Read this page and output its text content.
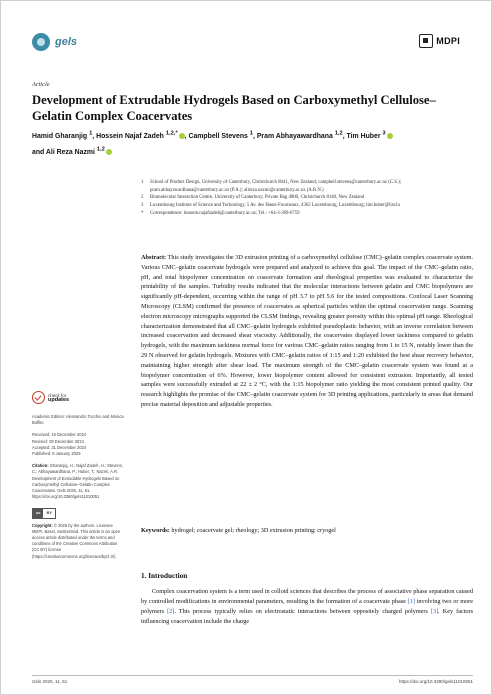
gels	MDPI
Article
Development of Extrudable Hydrogels Based on Carboxymethyl Cellulose–Gelatin Complex Coacervates
Hamid Gharanjig $^1$, Hossein Najaf Zadeh $^{1,2,*}$ , Campbell Stevens $^1$, Pram Abhayawardhana $^{1,2}$, Tim Huber $^3$
and Ali Reza Nazmi $^{1,2}$
1	School of Product Design, University of Canterbury, Christchurch 8041, New Zealand; campbell.stevens@canterbury.ac.nz (C.S.); pram.abhayawardhana@canterbury.ac.nz (P.A.); alireza.nazmi@canterbury.ac.nz (A.R.N.)
2	Biomolecular Interaction Centre, University of Canterbury, Private Bag 4800, Christchurch 8140, New Zealand
3	Luxembourg Institute of Science and Technology, 5 Av. des Hauts-Fourneaux, 4362 Luxembourg, Luxembourg; tim.huber@list.lu
*	Correspondence: hossein.najafzadeh@canterbury.ac.nz; Tel.: +64-3-369-0759

Abstract: This study investigates the 3D extrusion printing of a carboxymethyl cellulose (CMC)–gelatin complex coacervate system. Various CMC–gelatin coacervate hydrogels were prepared and analyzed to achieve this goal. The impact of the CMC–gelatin ratio, pH, and total biopolymer concentration on coacervate formation and rheological properties was evaluated to characterize the printability of the samples. Turbidity results indicated that the molecular interactions between gelatin and CMC biopolymers are significantly pH-dependent, occurring within the range of pH 3.7 to pH 5.6 for the tested compositions. Confocal Laser Scanning Microscopy (CLSM) confirmed the presence of coacervates as spherical particles within the optimal coacervation range. Scanning electron microscopy micrographs supported the CLSM findings, revealing greater porosity within this optimal pH range. Rheological characterization demonstrated that all CMC–gelatin hydrogels exhibited pseudoplastic behavior, with an inverse correlation between increased coacervation and decreased shear viscosity. Additionally, the coacervates displayed lower tackiness compared to gelatin hydrogels, with the maximum tackiness normal force for various CMC–gelatin ratios ranging from 1 to 15 N, notably lower than the 29 N observed for gelatin hydrogels. Mixtures with CMC–gelatin ratios of 1:15 and 1:20 exhibited the best shear recovery behavior, maintaining higher strength after shear load. The maximum strength of the CMC–gelatin coacervate system was found at a biopolymer concentration of 6%. However, lower biopolymer content allowed for consistent extrusion. Importantly, all tested samples were successfully extruded at 22 ± 2 °C, with the 1:15 biopolymer ratio yielding the most consistent printed quality. Our research highlights the promise of the CMC–gelatin coacervate system for 3D printing applications, particularly in areas that demand precise material deposition and adjustable properties.

Keywords: hydrogel; coacervate gel; rheology; 3D extrusion printing; cryogel

check for
updates
Academic Editors: Alessandro Tocchio and Monica Boffito
Received: 16 December 2024
Revised: 28 December 2024
Accepted: 31 December 2024
Published: 8 January 2025
Citation: Gharanjig, H.; Najaf Zadeh, H.; Stevens, C.; Abhayawardhana, P.; Huber, T.; Nazmi, A.R. Development of Extrudable Hydrogels Based on Carboxymethyl Cellulose–Gelatin Complex Coacervates. Gels 2025, 11, 51. https://doi.org/10.3390/gels11010051
cc	BY
Copyright: © 2025 by the authors. Licensee MDPI, Basel, Switzerland. This article is an open access article distributed under the terms and conditions of the Creative Commons Attribution (CC BY) license (https://creativecommons.org/licenses/by/4.0/).
1. Introduction

Complex coacervation system is a term used in colloid sciences that describes the process of associative phase separation caused by controlled modifications in environmental parameters, resulting in the formation of a coacervate phase [1] involving two or more polymers [2]. This process typically relies on electrostatic interactions between oppositely charged polymers [3]. Key factors influencing coacervation include the charge

Gels 2025, 11, 51	https://doi.org/10.3390/gels11010051
